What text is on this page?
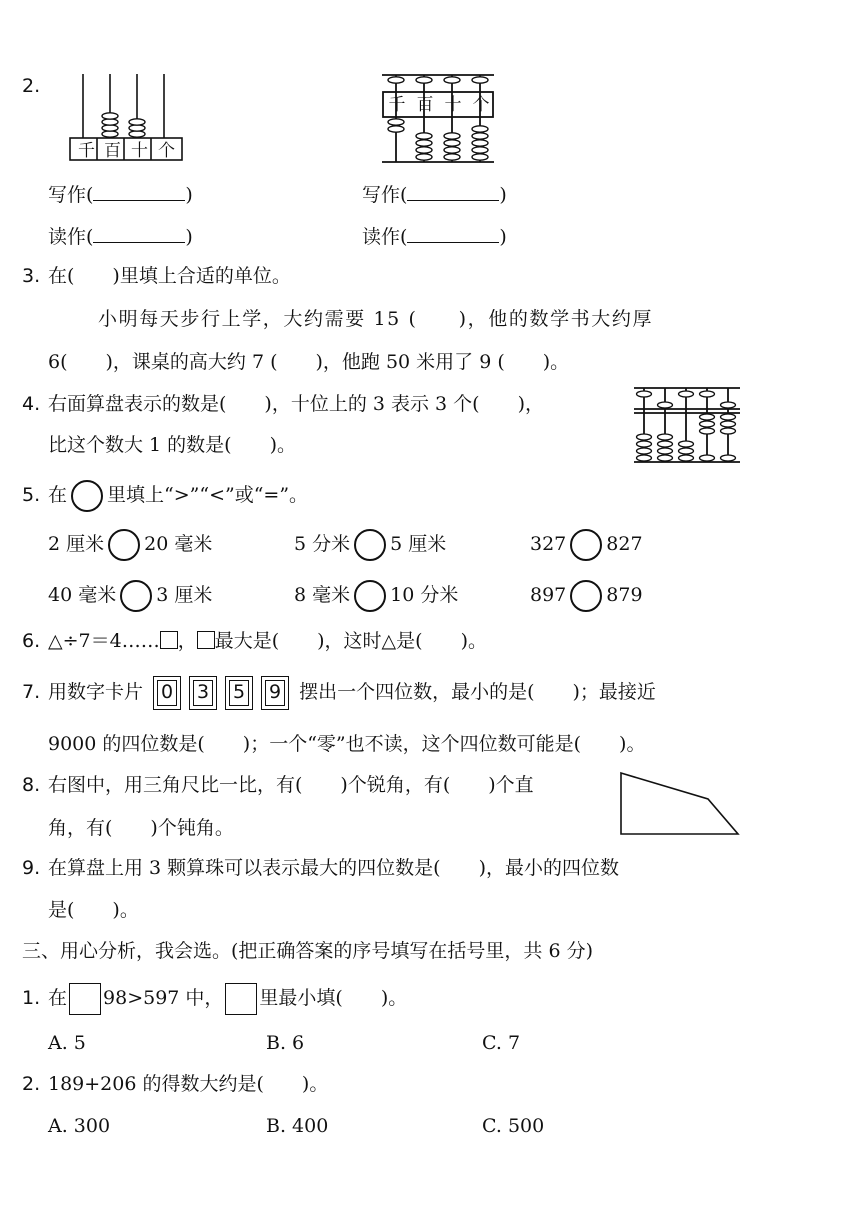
2.
千 百 十 个
千 百 十 个
写作(	)	写作(	)
读作(	)	读作(	)
3. 在(　　)里填上合适的单位。
小明每天步行上学，大约需要 15 (　　)，他的数学书大约厚
6(　　)，课桌的高大约 7 (　　)，他跑 50 米用了 9 (　　)。
4. 右面算盘表示的数是(　　)，十位上的 3 表示 3 个(　　)，
比这个数大 1 的数是(　　)。
5. 在 里填上“>”“<”或“=”。
2 厘米 20 毫米	5 分米 5 厘米	327 827
40 毫米 3 厘米	8 毫米 10 分米	897 879
6. △÷7＝4…… ， 最大是(　　)，这时△是(　　)。
7. 用数字卡片 0 3 5 9 摆出一个四位数，最小的是(　　)；最接近
9000 的四位数是(　　)；一个“零”也不读，这个四位数可能是(　　)。
8. 右图中，用三角尺比一比，有(　　)个锐角，有(　　)个直
角，有(　　)个钝角。
9. 在算盘上用 3 颗算珠可以表示最大的四位数是(　　)，最小的四位数
是(　　)。
三、用心分析，我会选。(把正确答案的序号填写在括号里，共 6 分)
1. 在 98>597 中， 里最小填(　　)。
A. 5	B. 6	C. 7
2. 189+206 的得数大约是(　　)。
A. 300	B. 400	C. 500
